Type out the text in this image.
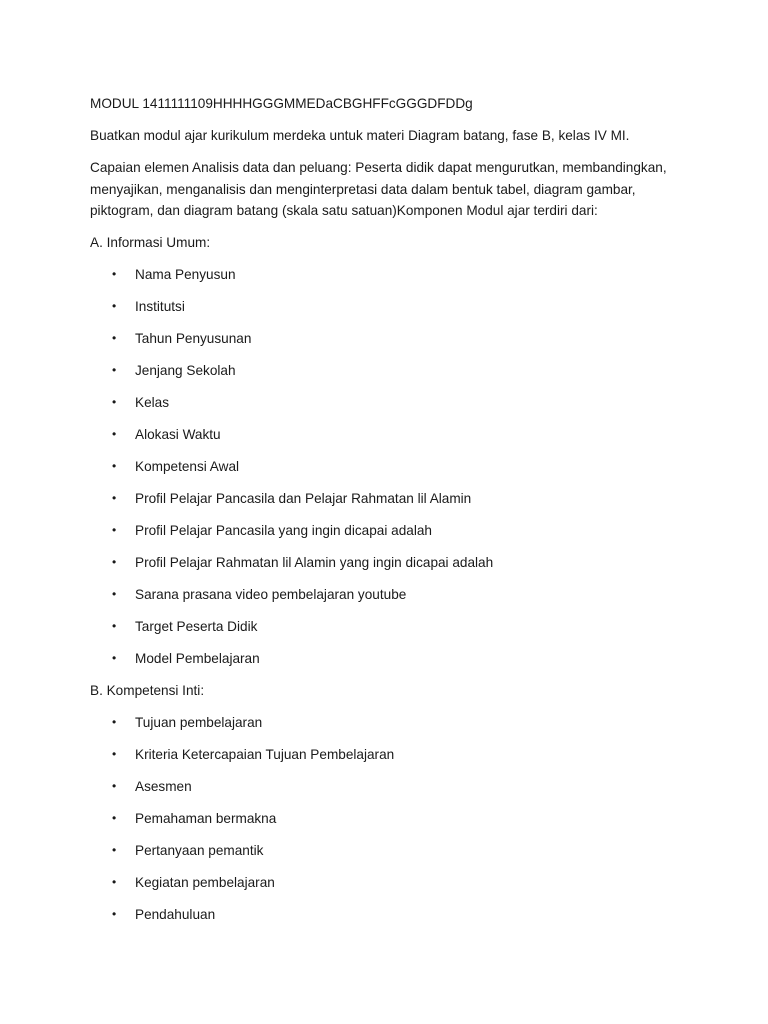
MODUL 1411111109HHHHGGGMMEDaCBGHFFcGGGDFDDg

Buatkan modul ajar kurikulum merdeka untuk materi Diagram batang, fase B, kelas IV MI.

Capaian elemen Analisis data dan peluang: Peserta didik dapat mengurutkan, membandingkan, menyajikan, menganalisis dan menginterpretasi data dalam bentuk tabel, diagram gambar, piktogram, dan diagram batang (skala satu satuan)Komponen Modul ajar terdiri dari:

A. Informasi Umum:

• Nama Penyusun
• Institutsi
• Tahun Penyusunan
• Jenjang Sekolah
• Kelas
• Alokasi Waktu
• Kompetensi Awal
• Profil Pelajar Pancasila dan Pelajar Rahmatan lil Alamin
• Profil Pelajar Pancasila yang ingin dicapai adalah
• Profil Pelajar Rahmatan lil Alamin yang ingin dicapai adalah
• Sarana prasana video pembelajaran youtube
• Target Peserta Didik
• Model Pembelajaran

B. Kompetensi Inti:

• Tujuan pembelajaran
• Kriteria Ketercapaian Tujuan Pembelajaran
• Asesmen
• Pemahaman bermakna
• Pertanyaan pemantik
• Kegiatan pembelajaran
• Pendahuluan
